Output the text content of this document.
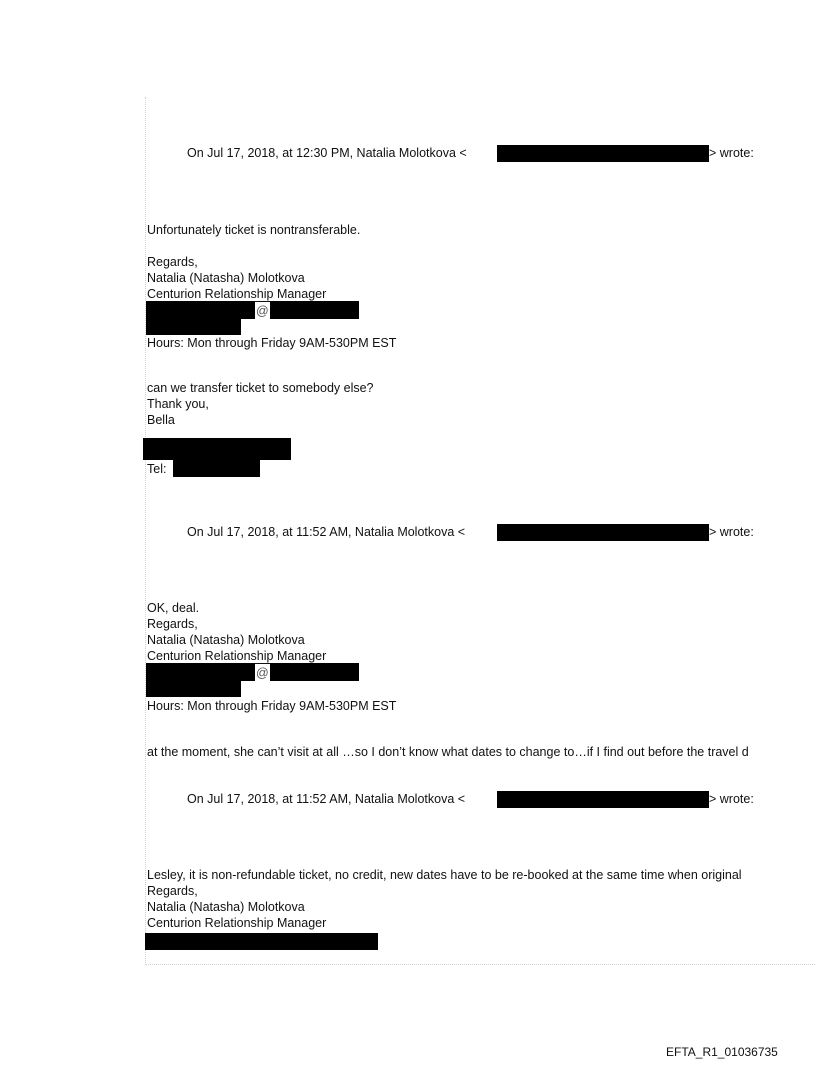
On Jul 17, 2018, at 12:30 PM, Natalia Molotkova <	> wrote:
Unfortunately ticket is nontransferable.
Regards,
Natalia (Natasha) Molotkova
Centurion Relationship Manager
@
Hours: Mon through Friday 9AM-530PM EST
can we transfer ticket to somebody else?
Thank you,
Bella
Tel:
On Jul 17, 2018, at 11:52 AM, Natalia Molotkova <	> wrote:
OK, deal.
Regards,
Natalia (Natasha) Molotkova
Centurion Relationship Manager
@
Hours: Mon through Friday 9AM-530PM EST
at the moment, she can’t visit at all …so I don’t know what dates to change to…if I find out before the travel d
On Jul 17, 2018, at 11:52 AM, Natalia Molotkova <	> wrote:
Lesley, it is non-refundable ticket, no credit, new dates have to be re-booked at the same time when original
Regards,
Natalia (Natasha) Molotkova
Centurion Relationship Manager
EFTA_R1_01036735
